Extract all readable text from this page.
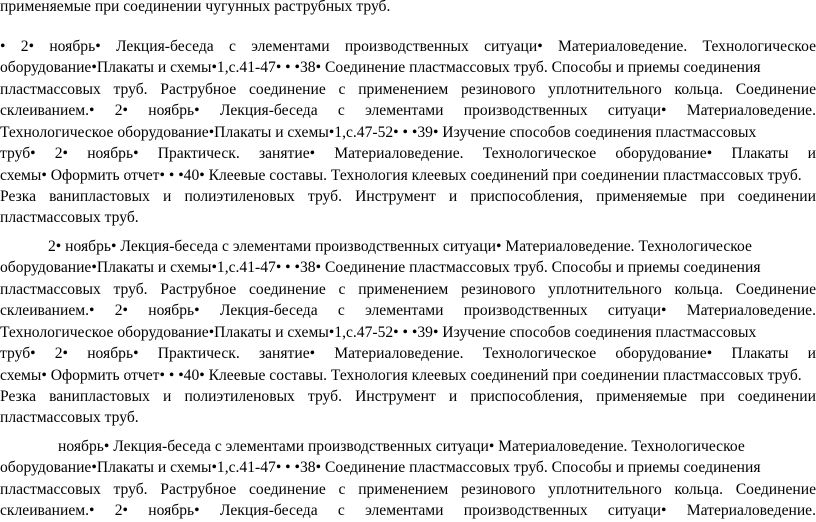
применяемые при соединении чугунных раструбных труб.
• 2• ноябрь• Лекция-беседа с элементами производственных ситуаци• Материаловедение. Технологическое
оборудование•Плакаты и схемы•1,с.41-47• • •38• Соединение пластмассовых труб. Способы и приемы соединения
пластмассовых труб. Раструбное соединение с применением резинового уплотнительного кольца. Соединение
склеиванием.• 2• ноябрь• Лекция-беседа с элементами производственных ситуаци• Материаловедение.
Технологическое оборудование•Плакаты и схемы•1,с.47-52• • •39• Изучение способов соединения пластмассовых
труб• 2• ноябрь• Практическ. занятие• Материаловедение. Технологическое оборудование• Плакаты и
схемы• Оформить отчет• • •40• Клеевые составы. Технология клеевых соединений при соединении пластмассовых труб.
Резка ванипластовых и полиэтиленовых труб. Инструмент и приспособления, применяемые при соединении
пластмассовых труб.
2• ноябрь• Лекция-беседа с элементами производственных ситуаци• Материаловедение. Технологическое
оборудование•Плакаты и схемы•1,с.41-47• • •38• Соединение пластмассовых труб. Способы и приемы соединения
пластмассовых труб. Раструбное соединение с применением резинового уплотнительного кольца. Соединение
склеиванием.• 2• ноябрь• Лекция-беседа с элементами производственных ситуаци• Материаловедение.
Технологическое оборудование•Плакаты и схемы•1,с.47-52• • •39• Изучение способов соединения пластмассовых
труб• 2• ноябрь• Практическ. занятие• Материаловедение. Технологическое оборудование• Плакаты и
схемы• Оформить отчет• • •40• Клеевые составы. Технология клеевых соединений при соединении пластмассовых труб.
Резка ванипластовых и полиэтиленовых труб. Инструмент и приспособления, применяемые при соединении
пластмассовых труб.
ноябрь• Лекция-беседа с элементами производственных ситуаци• Материаловедение. Технологическое
оборудование•Плакаты и схемы•1,с.41-47• • •38• Соединение пластмассовых труб. Способы и приемы соединения
пластмассовых труб. Раструбное соединение с применением резинового уплотнительного кольца. Соединение
склеиванием.• 2• ноябрь• Лекция-беседа с элементами производственных ситуаци• Материаловедение.
